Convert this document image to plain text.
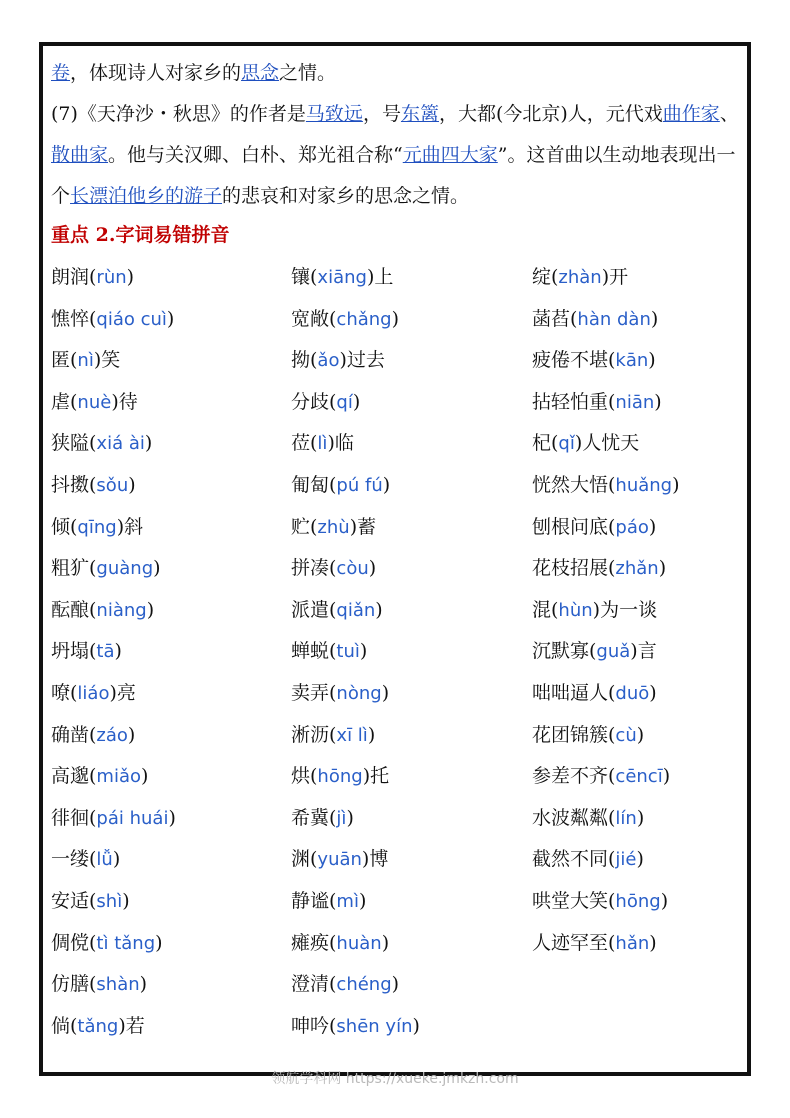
卷，体现诗人对家乡的思念之情。

(7)《天净沙・秋思》的作者是马致远，号东篱，大都(今北京)人，元代戏曲作家、散曲家。他与关汉卿、白朴、郑光祖合称“元曲四大家”。这首曲以生动地表现出一个长漂泊他乡的游子的悲哀和对家乡的思念之情。

重点 2.字词易错拼音
朗润(rùn)
憔悴(qiáo cuì)
匿(nì)笑
虐(nuè)待
狭隘(xiá ài)
抖擞(sǒu)
倾(qīng)斜
粗犷(guàng)
酝酿(niàng)
坍塌(tā)
嘹(liáo)亮
确凿(záo)
高邈(miǎo)
徘徊(pái huái)
一缕(lǚ)
安适(shì)
倜傥(tì tǎng)
仿膳(shàn)
倘(tǎng)若
镶(xiāng)上
宽敞(chǎng)
拗(ǎo)过去
分歧(qí)
莅(lì)临
匍匐(pú fú)
贮(zhù)蓄
拼凑(còu)
派遣(qiǎn)
蝉蜕(tuì)
卖弄(nòng)
淅沥(xī lì)
烘(hōng)托
希冀(jì)
渊(yuān)博
静谧(mì)
瘫痪(huàn)
澄清(chéng)
呻吟(shēn yín)
绽(zhàn)开
菡萏(hàn dàn)
疲倦不堪(kān)
拈轻怕重(niān)
杞(qǐ)人忧天
恍然大悟(huǎng)
刨根问底(páo)
花枝招展(zhǎn)
混(hùn)为一谈
沉默寡(guǎ)言
咄咄逼人(duō)
花团锦簇(cù)
参差不齐(cēncī)
水波粼粼(lín)
截然不同(jié)
哄堂大笑(hōng)
人迹罕至(hǎn)
领航学科网 https://xueke.jmkzh.com
